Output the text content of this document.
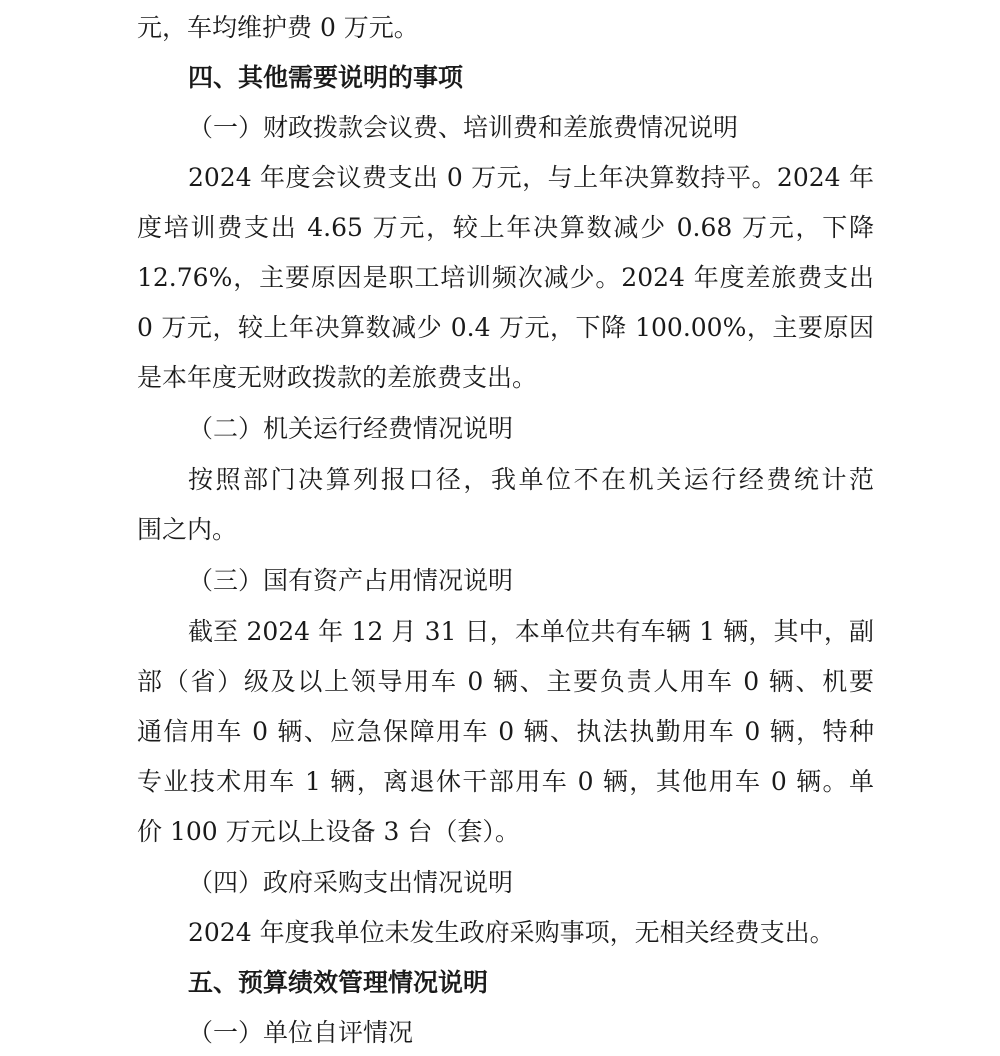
元，车均维护费 0 万元。
四、其他需要说明的事项
（一）财政拨款会议费、培训费和差旅费情况说明
2024 年度会议费支出 0 万元，与上年决算数持平。2024 年
度培训费支出 4.65 万元，较上年决算数减少 0.68 万元，下降
12.76%，主要原因是职工培训频次减少。2024 年度差旅费支出
0 万元，较上年决算数减少 0.4 万元，下降 100.00%，主要原因
是本年度无财政拨款的差旅费支出。
（二）机关运行经费情况说明
按照部门决算列报口径，我单位不在机关运行经费统计范
围之内。
（三）国有资产占用情况说明
截至 2024 年 12 月 31 日，本单位共有车辆 1 辆，其中，副
部（省）级及以上领导用车 0 辆、主要负责人用车 0 辆、机要
通信用车 0 辆、应急保障用车 0 辆、执法执勤用车 0 辆，特种
专业技术用车 1 辆，离退休干部用车 0 辆，其他用车 0 辆。单
价 100 万元以上设备 3 台（套）。
（四）政府采购支出情况说明
2024 年度我单位未发生政府采购事项，无相关经费支出。
五、预算绩效管理情况说明
（一）单位自评情况
